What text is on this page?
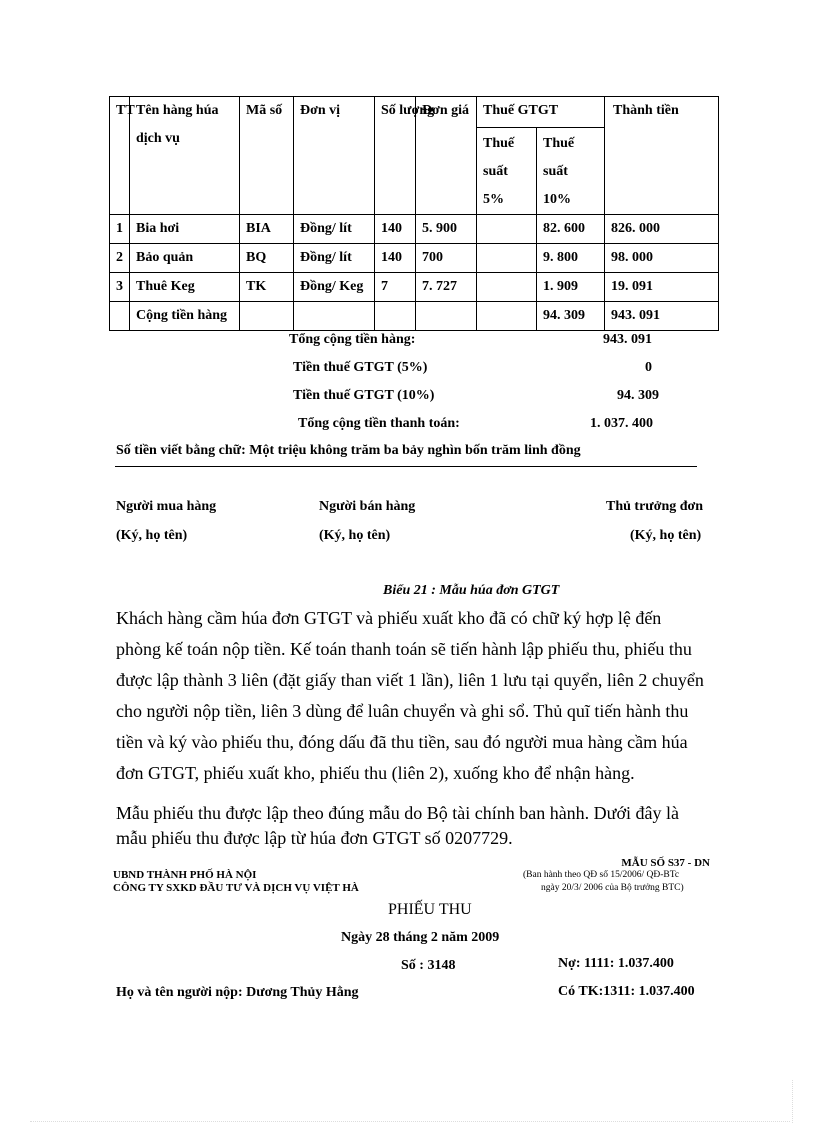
TT	Tên hàng húa dịch vụ	Mã số	Đơn vị	Số lượng	Đơn giá	Thuế GTGT		Thành tiền
						Thuế suất 5%	Thuế suất 10%	
1	Bia hơi	BIA	Đồng/ lít	140	5. 900		82. 600	826. 000
2	Bảo quản	BQ	Đồng/ lít	140	700		9. 800	98. 000
3	Thuê Keg	TK	Đồng/ Keg	7	7. 727		1. 909	19. 091
	Cộng tiền hàng						94. 309	943. 091
Tổng cộng tiền hàng:	943. 091
Tiền thuế GTGT (5%)	0
Tiền thuế GTGT (10%)	94. 309
Tổng cộng tiền thanh toán:	1. 037. 400
Số tiền viết bằng chữ: Một triệu không trăm ba bảy nghìn bốn trăm linh đồng
Người mua hàng	Người bán hàng	Thủ trưởng đơn
(Ký, họ tên)	(Ký, họ tên)	(Ký, họ tên)
Biểu 21 : Mẫu húa đơn GTGT
Khách hàng cầm húa đơn GTGT và phiếu xuất kho đã có chữ ký hợp lệ đến
phòng kế toán nộp tiền. Kế toán thanh toán sẽ tiến hành lập phiếu thu, phiếu thu
được lập thành 3 liên (đặt giấy than viết 1 lần), liên 1 lưu tại quyển, liên 2 chuyển
cho người nộp tiền, liên 3 dùng để luân chuyển và ghi sổ. Thủ quĩ tiến hành thu
tiền và ký vào phiếu thu, đóng dấu đã thu tiền, sau đó người mua hàng cầm húa
đơn GTGT, phiếu xuất kho, phiếu thu (liên 2), xuống kho để nhận hàng.
Mẫu phiếu thu được lập theo đúng mẫu do Bộ tài chính ban hành. Dưới đây là
mẫu phiếu thu được lập từ húa đơn GTGT số 0207729.
UBND THÀNH PHỐ HÀ NỘI
CÔNG TY SXKD ĐẦU TƯ VÀ DỊCH VỤ VIỆT HÀ
MẪU SỐ S37 - DN
(Ban hành theo QĐ số 15/2006/ QĐ-BTc
ngày 20/3/ 2006 của Bộ trưởng BTC)
PHIẾU THU
Ngày 28 tháng 2 năm 2009
Số : 3148	Nợ: 1111: 1.037.400
Họ và tên người nộp: Dương Thủy Hằng	Có TK:1311: 1.037.400
